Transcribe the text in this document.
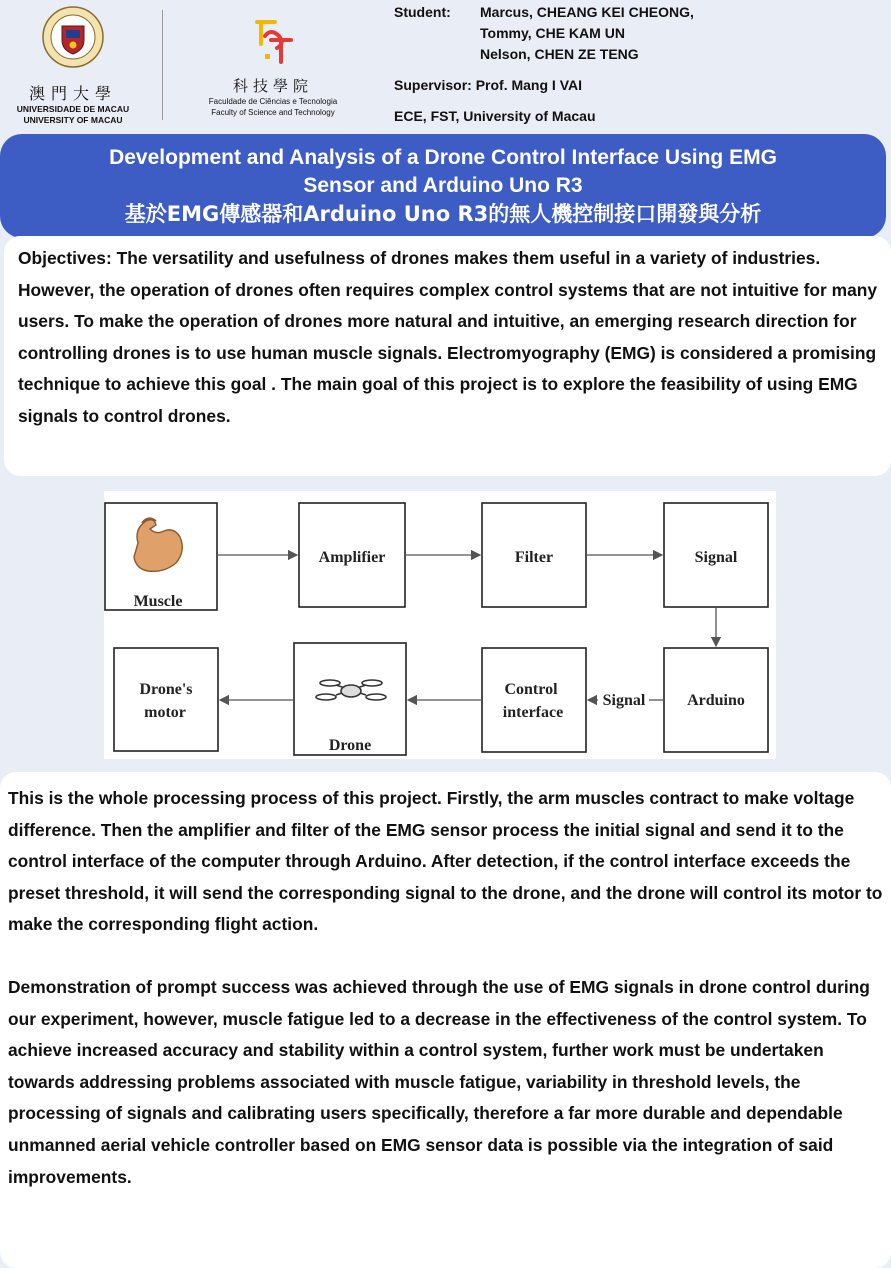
澳門大學
UNIVERSIDADE DE MACAU
UNIVERSITY OF MACAU
科技學院
Faculdade de Ciências e Tecnologia
Faculty of Science and Technology
Student:	Marcus, CHEANG KEI CHEONG,
Tommy, CHE KAM UN
Nelson, CHEN ZE TENG
Supervisor: Prof. Mang I VAI
ECE, FST, University of Macau
Development and Analysis of a Drone Control Interface Using EMG
Sensor and Arduino Uno R3
基於EMG傳感器和Arduino Uno R3的無人機控制接口開發與分析
Objectives: The versatility and usefulness of drones makes them useful in a variety of industries. However, the operation of drones often requires complex control systems that are not intuitive for many users. To make the operation of drones more natural and intuitive, an emerging research direction for controlling drones is to use human muscle signals. Electromyography (EMG) is considered a promising technique to achieve this goal . The main goal of this project is to explore the feasibility of using EMG signals to control drones.
Muscle
Amplifier	Filter	Signal
Arduino
Control
interface
Drone
Drone's
motor
Signal
This is the whole processing process of this project. Firstly, the arm muscles contract to make voltage difference. Then the amplifier and filter of the EMG sensor process the initial signal and send it to the control interface of the computer through Arduino. After detection, if the control interface exceeds the preset threshold, it will send the corresponding signal to the drone, and the drone will control its motor to make the corresponding flight action.
Demonstration of prompt success was achieved through the use of EMG signals in drone control during our experiment, however, muscle fatigue led to a decrease in the effectiveness of the control system. To achieve increased accuracy and stability within a control system, further work must be undertaken towards addressing problems associated with muscle fatigue, variability in threshold levels, the processing of signals and calibrating users specifically, therefore a far more durable and dependable unmanned aerial vehicle controller based on EMG sensor data is possible via the integration of said improvements.
